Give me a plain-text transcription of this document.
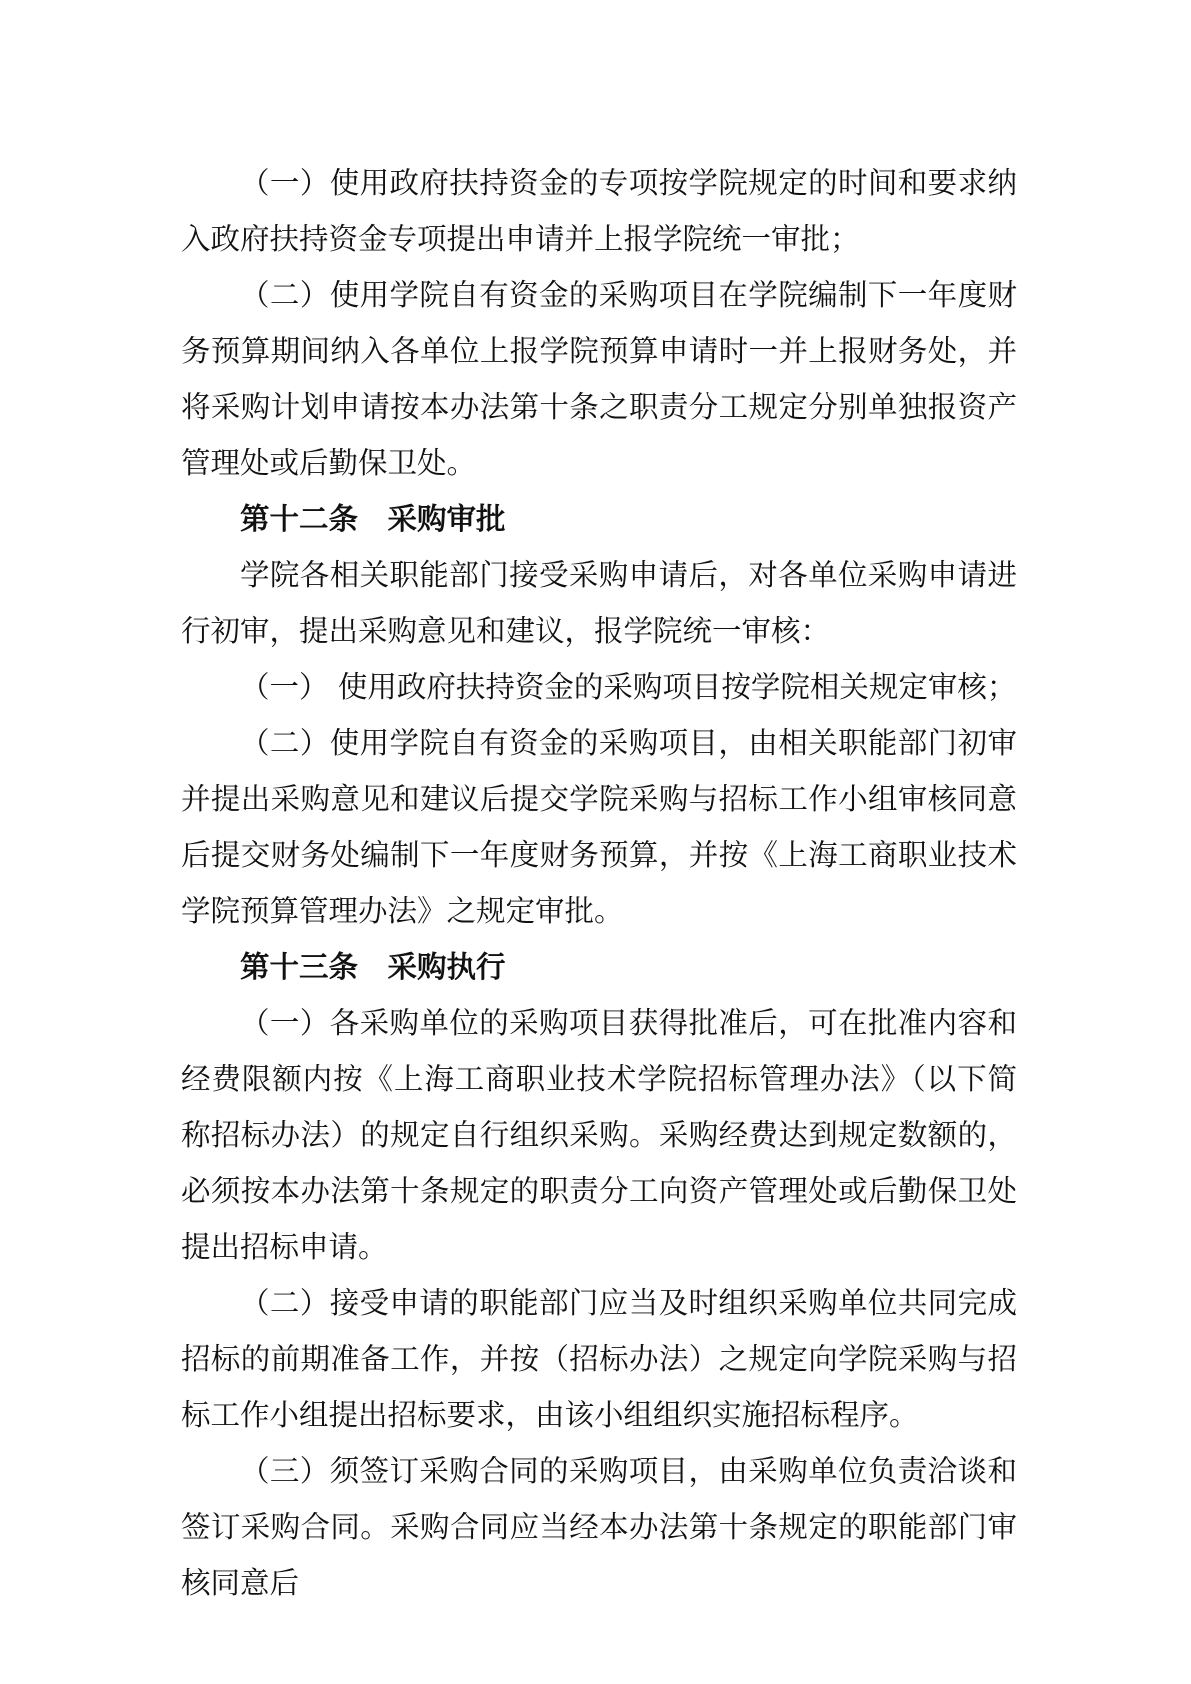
（一）使用政府扶持资金的专项按学院规定的时间和要求纳入政府扶持资金专项提出申请并上报学院统一审批；

（二）使用学院自有资金的采购项目在学院编制下一年度财务预算期间纳入各单位上报学院预算申请时一并上报财务处，并将采购计划申请按本办法第十条之职责分工规定分别单独报资产管理处或后勤保卫处。

第十二条 采购审批

学院各相关职能部门接受采购申请后，对各单位采购申请进行初审，提出采购意见和建议，报学院统一审核：

（一） 使用政府扶持资金的采购项目按学院相关规定审核；

（二）使用学院自有资金的采购项目，由相关职能部门初审并提出采购意见和建议后提交学院采购与招标工作小组审核同意后提交财务处编制下一年度财务预算，并按《上海工商职业技术学院预算管理办法》之规定审批。

第十三条 采购执行

（一）各采购单位的采购项目获得批准后，可在批准内容和经费限额内按《上海工商职业技术学院招标管理办法》（以下简称招标办法）的规定自行组织采购。采购经费达到规定数额的，必须按本办法第十条规定的职责分工向资产管理处或后勤保卫处提出招标申请。

（二）接受申请的职能部门应当及时组织采购单位共同完成招标的前期准备工作，并按（招标办法）之规定向学院采购与招标工作小组提出招标要求，由该小组组织实施招标程序。

（三）须签订采购合同的采购项目，由采购单位负责洽谈和签订采购合同。采购合同应当经本办法第十条规定的职能部门审核同意后
